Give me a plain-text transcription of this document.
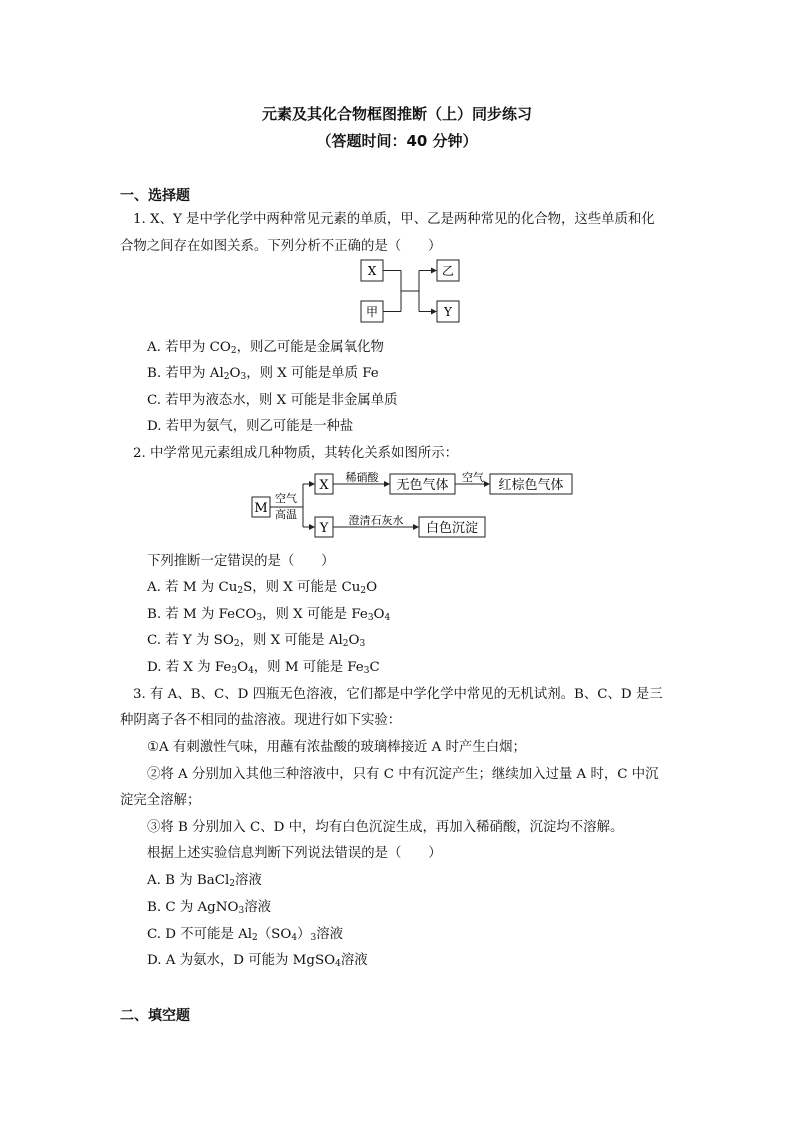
元素及其化合物框图推断（上）同步练习
（答题时间：40 分钟）
一、选择题
1. X、Y 是中学化学中两种常见元素的单质，甲、乙是两种常见的化合物，这些单质和化
合物之间存在如图关系。下列分析不正确的是（　　）
X
甲
乙
Y
A. 若甲为 $CO_2$，则乙可能是金属氧化物
B. 若甲为 $Al_2O_3$，则 X 可能是单质 Fe
C. 若甲为液态水，则 X 可能是非金属单质
D. 若甲为氨气，则乙可能是一种盐
2. 中学常见元素组成几种物质，其转化关系如图所示：
M
空气
高温
X
稀硝酸
无色气体
空气
红棕色气体
Y
澄清石灰水
白色沉淀
下列推断一定错误的是（　　）
A. 若 M 为 $Cu_2S$，则 X 可能是 $Cu_2O$
B. 若 M 为 FeCO$_3$，则 X 可能是 $Fe_3O_4$
C. 若 Y 为 $SO_2$，则 X 可能是 $Al_2O_3$
D. 若 X 为 $Fe_3O_4$，则 M 可能是 $Fe_3C$
3. 有 A、B、C、D 四瓶无色溶液，它们都是中学化学中常见的无机试剂。B、C、D 是三
种阴离子各不相同的盐溶液。现进行如下实验：
①A 有刺激性气味，用蘸有浓盐酸的玻璃棒接近 A 时产生白烟；
②将 A 分别加入其他三种溶液中，只有 C 中有沉淀产生；继续加入过量 A 时，C 中沉
淀完全溶解；
③将 B 分别加入 C、D 中，均有白色沉淀生成，再加入稀硝酸，沉淀均不溶解。
根据上述实验信息判断下列说法错误的是（　　）
A. B 为 BaCl$_2$溶液
B. C 为 AgNO$_3$溶液
C. D 不可能是 $Al_2(SO_4)_3$溶液
D. A 为氨水，D 可能为 MgSO$_4$溶液
二、填空题
